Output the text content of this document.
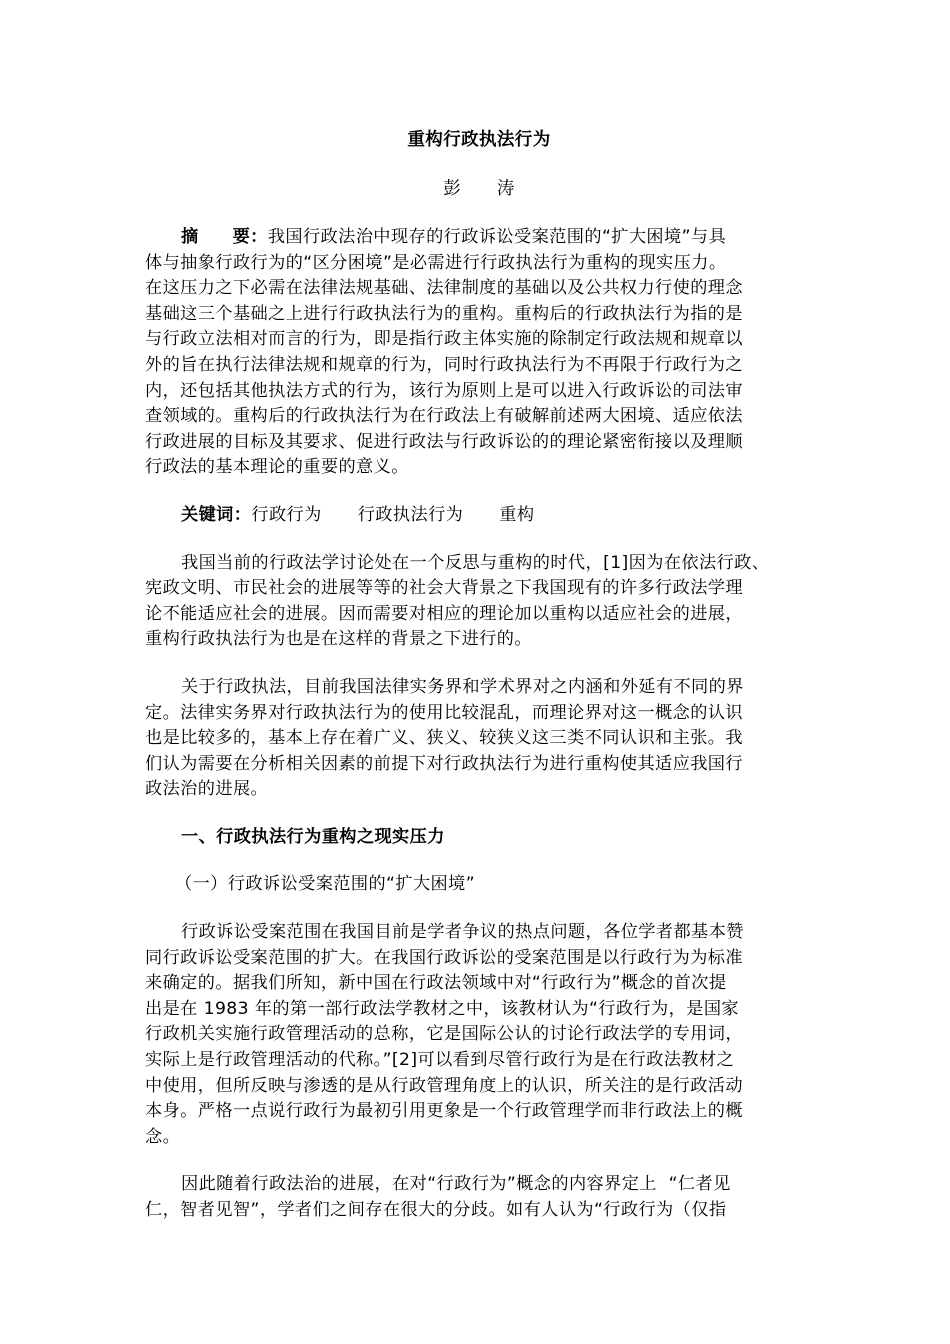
重构行政执法行为
彭　　涛
摘 要：我国行政法治中现存的行政诉讼受案范围的“扩大困境”与具
体与抽象行政行为的“区分困境”是必需进行行政执法行为重构的现实压力。
在这压力之下必需在法律法规基础、法律制度的基础以及公共权力行使的理念
基础这三个基础之上进行行政执法行为的重构。重构后的行政执法行为指的是
与行政立法相对而言的行为，即是指行政主体实施的除制定行政法规和规章以
外的旨在执行法律法规和规章的行为，同时行政执法行为不再限于行政行为之
内，还包括其他执法方式的行为，该行为原则上是可以进入行政诉讼的司法审
查领域的。重构后的行政执法行为在行政法上有破解前述两大困境、适应依法
行政进展的目标及其要求、促进行政法与行政诉讼的的理论紧密衔接以及理顺
行政法的基本理论的重要的意义。
关键词：行政行为 行政执法行为 重构
我国当前的行政法学讨论处在一个反思与重构的时代，[1]因为在依法行政、
宪政文明、市民社会的进展等等的社会大背景之下我国现有的许多行政法学理
论不能适应社会的进展。因而需要对相应的理论加以重构以适应社会的进展，
重构行政执法行为也是在这样的背景之下进行的。
关于行政执法，目前我国法律实务界和学术界对之内涵和外延有不同的界
定。法律实务界对行政执法行为的使用比较混乱，而理论界对这一概念的认识
也是比较多的，基本上存在着广义、狭义、较狭义这三类不同认识和主张。我
们认为需要在分析相关因素的前提下对行政执法行为进行重构使其适应我国行
政法治的进展。
一、行政执法行为重构之现实压力
（一）行政诉讼受案范围的“扩大困境”
行政诉讼受案范围在我国目前是学者争议的热点问题，各位学者都基本赞
同行政诉讼受案范围的扩大。在我国行政诉讼的受案范围是以行政行为为标准
来确定的。据我们所知，新中国在行政法领域中对“行政行为”概念的首次提
出是在 1983 年的第一部行政法学教材之中，该教材认为“行政行为，是国家
行政机关实施行政管理活动的总称，它是国际公认的讨论行政法学的专用词，
实际上是行政管理活动的代称。”[2]可以看到尽管行政行为是在行政法教材之
中使用，但所反映与渗透的是从行政管理角度上的认识，所关注的是行政活动
本身。严格一点说行政行为最初引用更象是一个行政管理学而非行政法上的概
念。
因此随着行政法治的进展，在对“行政行为”概念的内容界定上  “仁者见
仁，智者见智”，学者们之间存在很大的分歧。如有人认为“行政行为（仅指
